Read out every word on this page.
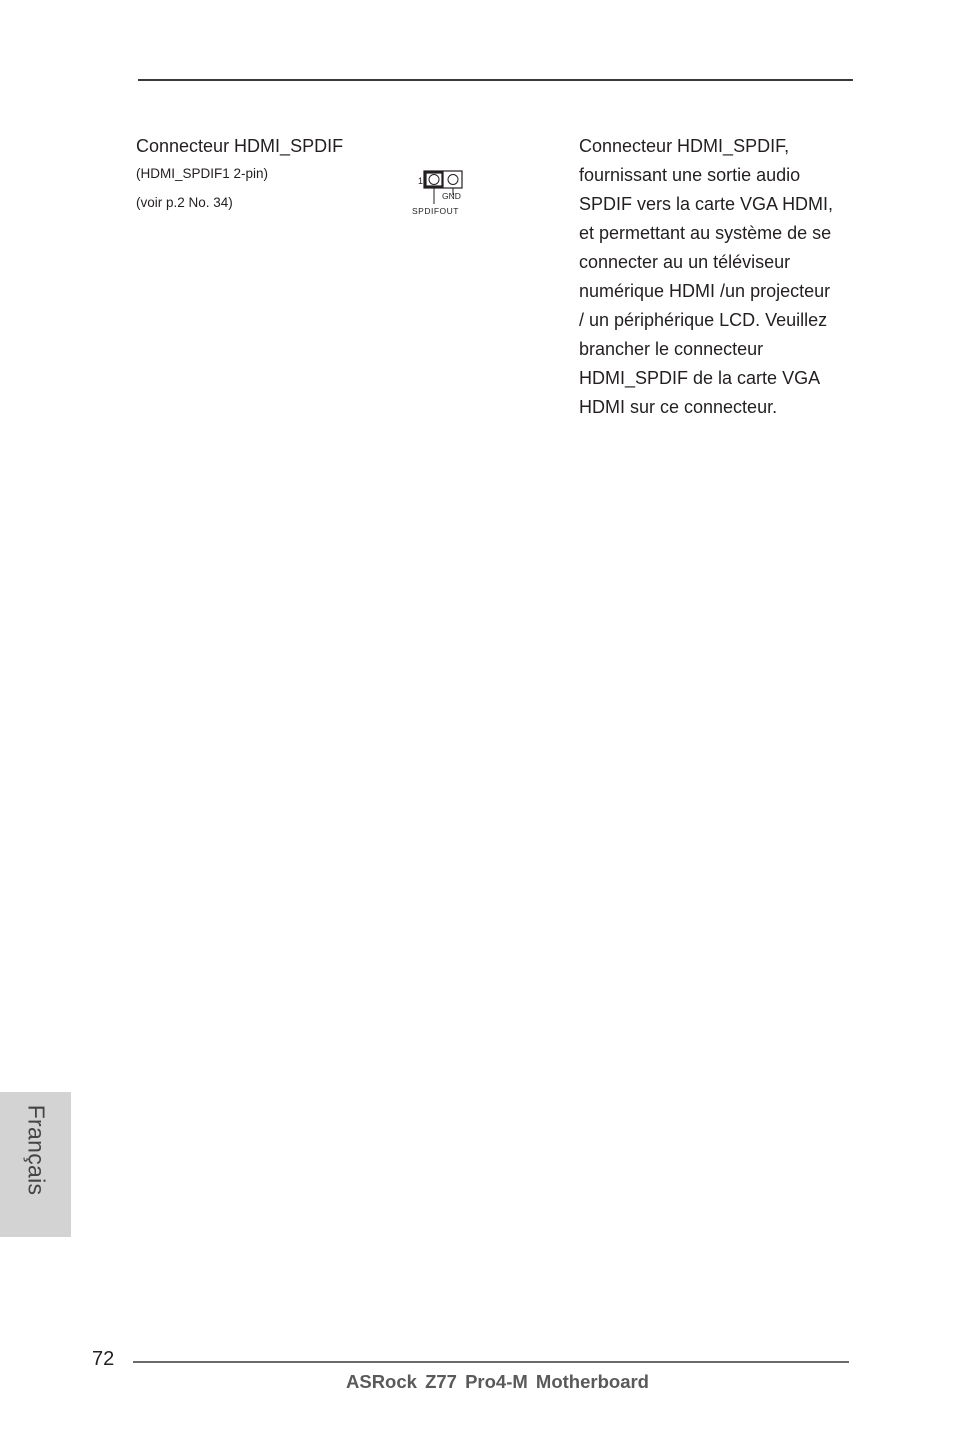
Connecteur HDMI_SPDIF
(HDMI_SPDIF1 2-pin)
(voir p.2 No. 34)
1
GND
SPDIFOUT
Connecteur HDMI_SPDIF,
fournissant une sortie audio
SPDIF vers la carte VGA HDMI,
et permettant au système de se
connecter au un téléviseur
numérique HDMI /un projecteur
/ un périphérique LCD. Veuillez
brancher le connecteur
HDMI_SPDIF de la carte VGA
HDMI sur ce connecteur.
Français
72
ASRock Z77 Pro4-M Motherboard
